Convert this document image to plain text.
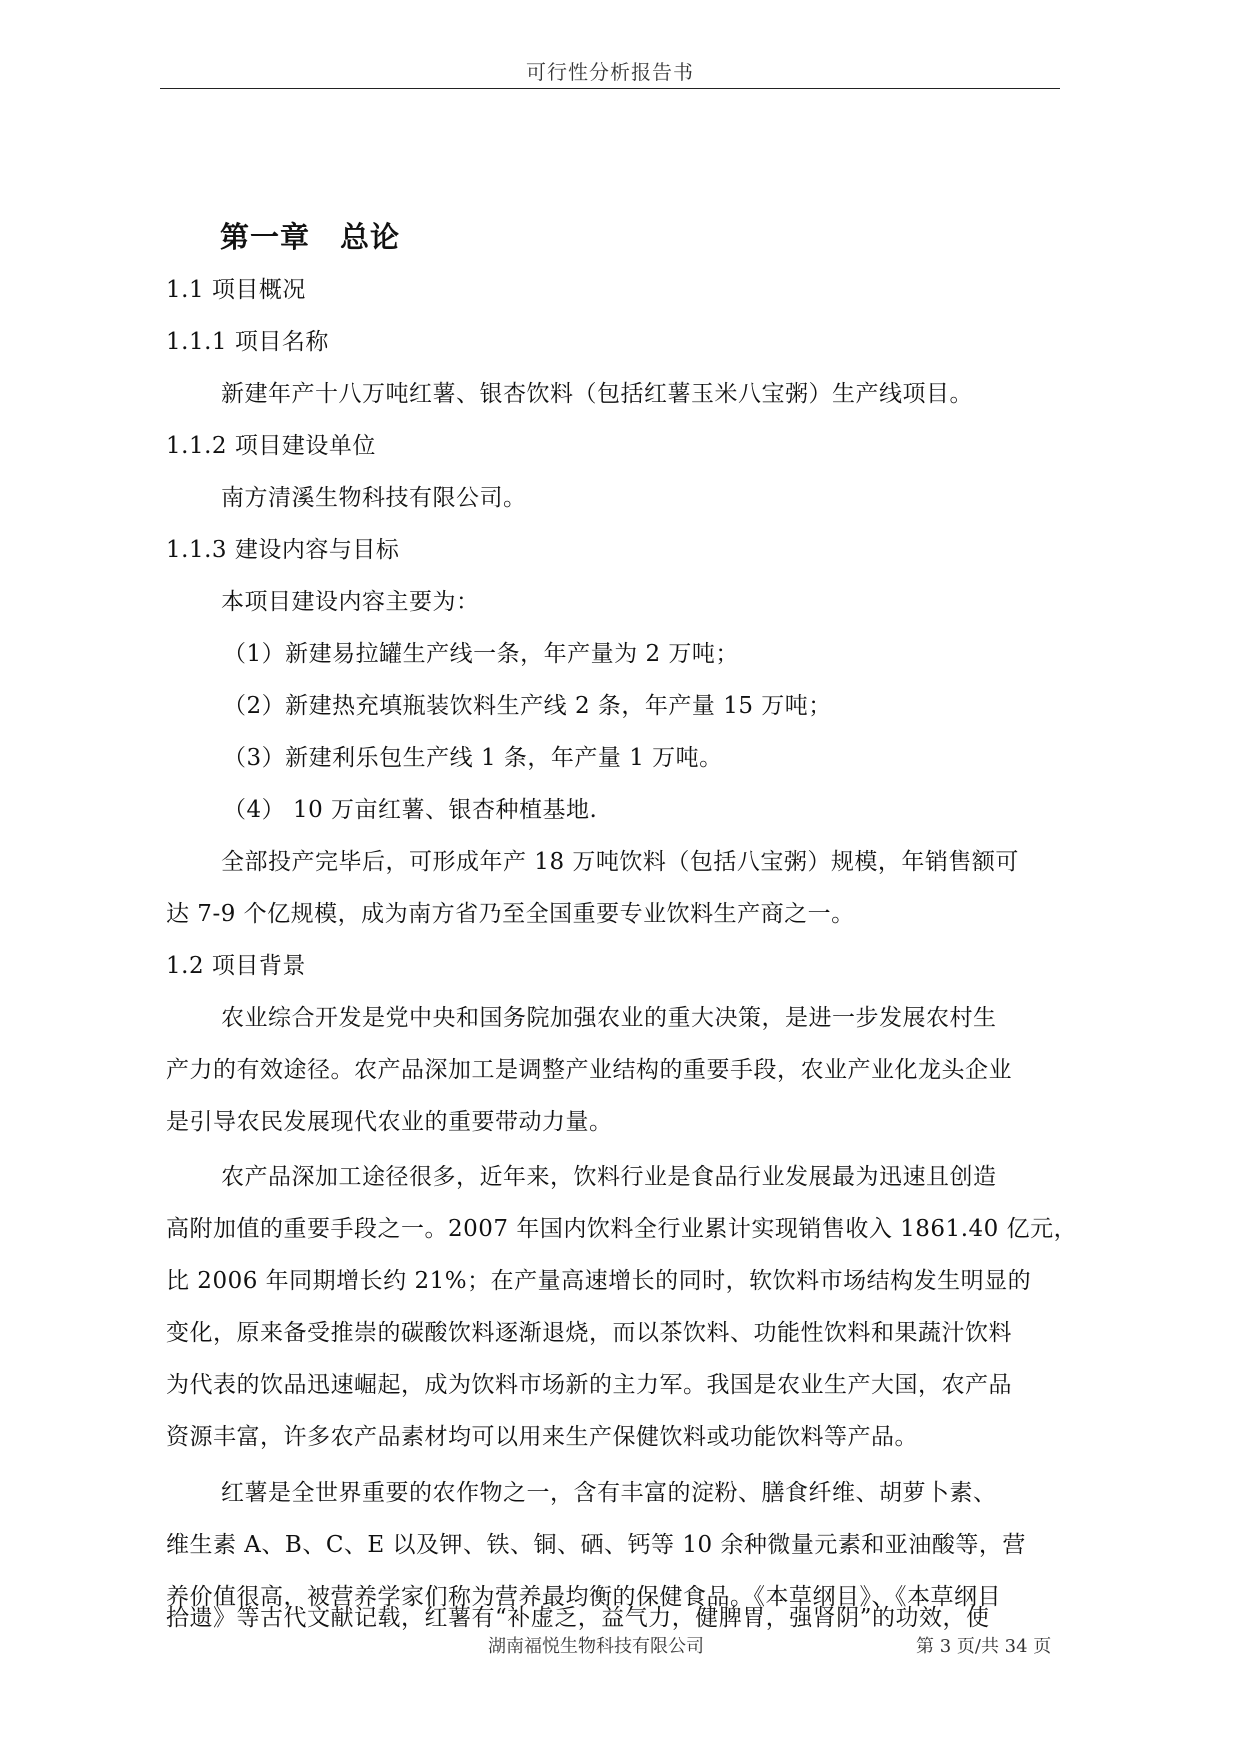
可行性分析报告书
第一章 总论
1.1 项目概况
1.1.1 项目名称
新建年产十八万吨红薯、银杏饮料（包括红薯玉米八宝粥）生产线项目。
1.1.2 项目建设单位
南方清溪生物科技有限公司。
1.1.3 建设内容与目标
本项目建设内容主要为：
（1）新建易拉罐生产线一条，年产量为 2 万吨；
（2）新建热充填瓶装饮料生产线 2 条，年产量 15 万吨；
（3）新建利乐包生产线 1 条，年产量 1 万吨。
（4） 10 万亩红薯、银杏种植基地.
全部投产完毕后，可形成年产 18 万吨饮料（包括八宝粥）规模，年销售额可
达 7-9 个亿规模，成为南方省乃至全国重要专业饮料生产商之一。
1.2 项目背景
农业综合开发是党中央和国务院加强农业的重大决策，是进一步发展农村生
产力的有效途径。农产品深加工是调整产业结构的重要手段，农业产业化龙头企业
是引导农民发展现代农业的重要带动力量。
农产品深加工途径很多，近年来，饮料行业是食品行业发展最为迅速且创造
高附加值的重要手段之一。2007 年国内饮料全行业累计实现销售收入 1861.40 亿元，
比 2006 年同期增长约 21%；在产量高速增长的同时，软饮料市场结构发生明显的
变化，原来备受推崇的碳酸饮料逐渐退烧，而以茶饮料、功能性饮料和果蔬汁饮料
为代表的饮品迅速崛起，成为饮料市场新的主力军。我国是农业生产大国，农产品
资源丰富，许多农产品素材均可以用来生产保健饮料或功能饮料等产品。
红薯是全世界重要的农作物之一，含有丰富的淀粉、膳食纤维、胡萝卜素、
维生素 A、B、C、E 以及钾、铁、铜、硒、钙等 10 余种微量元素和亚油酸等，营
养价值很高，被营养学家们称为营养最均衡的保健食品。《本草纲目》、《本草纲目
拾遗》等古代文献记载，红薯有“补虚乏，益气力，健脾胃，强肾阴”的功效，使
湖南福悦生物科技有限公司	第 3 页/共 34 页
